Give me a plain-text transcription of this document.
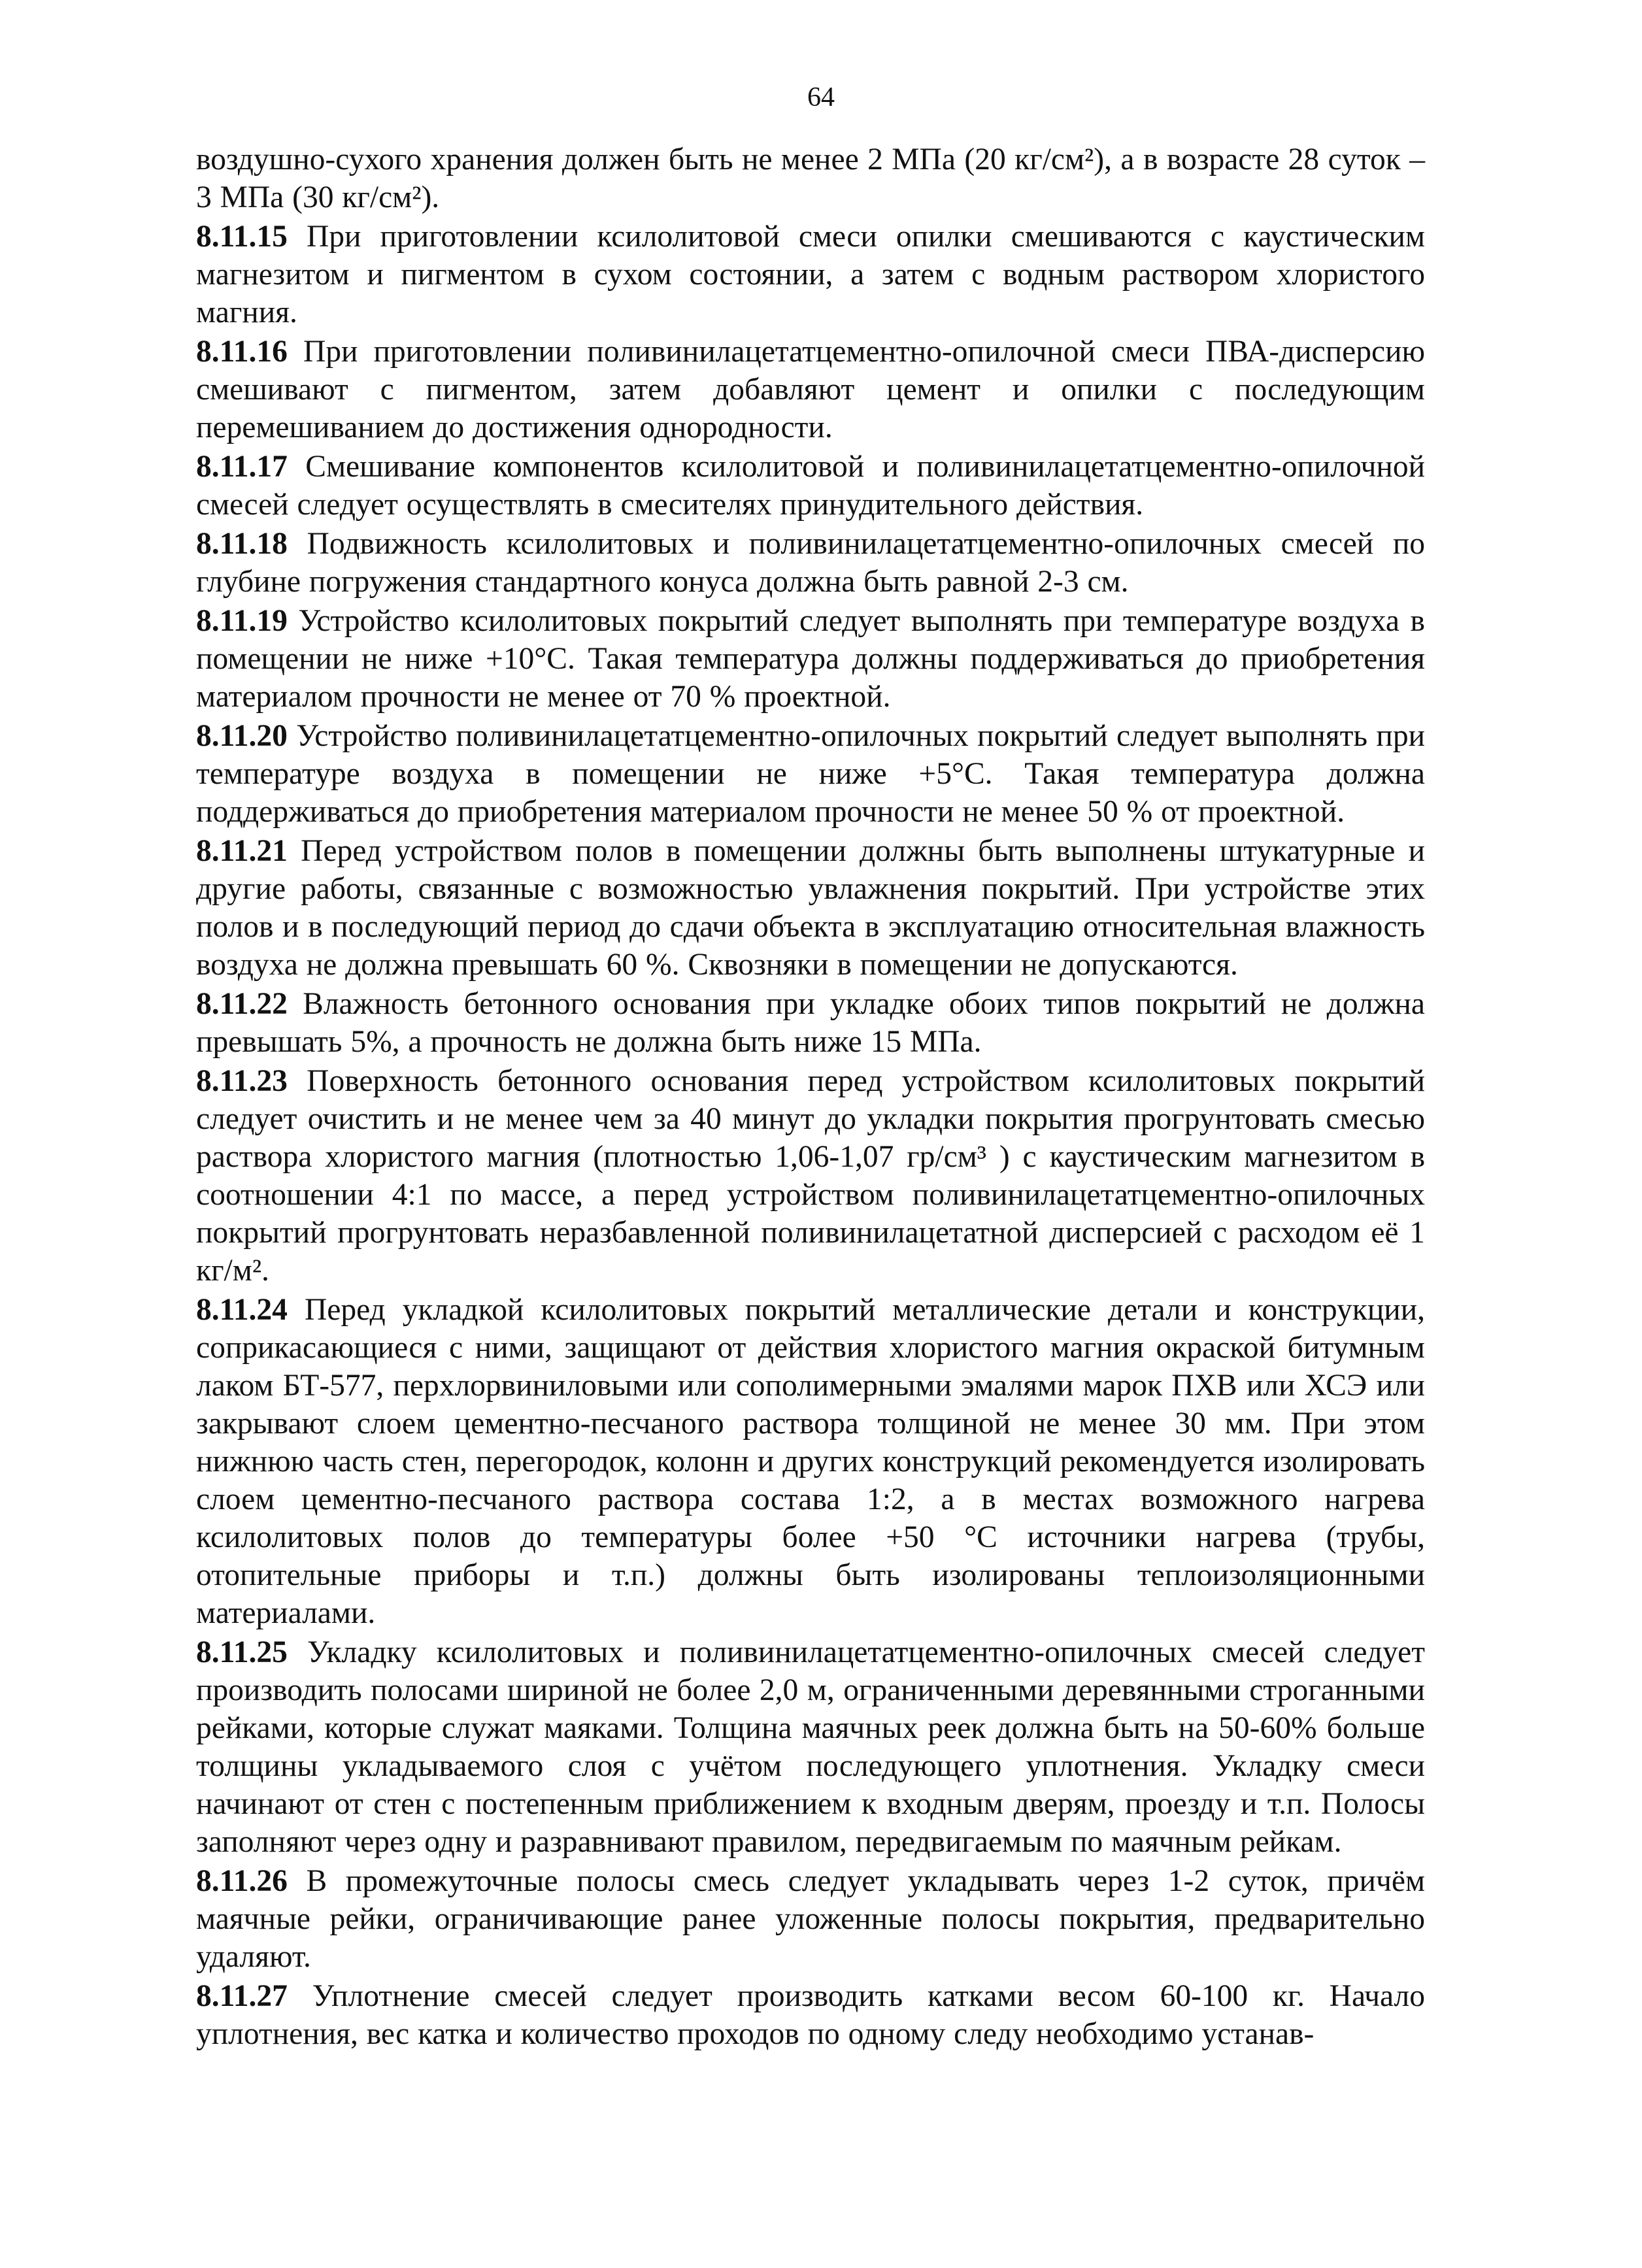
64

воздушно-сухого хранения должен быть не менее 2 МПа (20 кг/см²), а в возрасте 28 суток – 3 МПа (30 кг/см²).

8.11.15 При приготовлении ксилолитовой смеси опилки смешиваются с каустическим магнезитом и пигментом в сухом состоянии, а затем с водным раствором хлористого магния.

8.11.16 При приготовлении поливинилацетатцементно-опилочной смеси ПВА-дисперсию смешивают с пигментом, затем добавляют цемент и опилки с последующим перемешиванием до достижения однородности.

8.11.17 Смешивание компонентов ксилолитовой и поливинилацетатцементно-опилочной смесей следует осуществлять в смесителях принудительного действия.

8.11.18 Подвижность ксилолитовых и поливинилацетатцементно-опилочных смесей по глубине погружения стандартного конуса должна быть равной 2-3 см.

8.11.19 Устройство ксилолитовых покрытий следует выполнять при температуре воздуха в помещении не ниже +10°С. Такая температура должны поддерживаться до приобретения материалом прочности не менее от 70 % проектной.

8.11.20 Устройство поливинилацетатцементно-опилочных покрытий следует выполнять при температуре воздуха в помещении не ниже +5°С. Такая температура должна поддерживаться до приобретения материалом прочности не менее 50 % от проектной.

8.11.21 Перед устройством полов в помещении должны быть выполнены штукатурные и другие работы, связанные с возможностью увлажнения покрытий. При устройстве этих полов и в последующий период до сдачи объекта в эксплуатацию относительная влажность воздуха не должна превышать 60 %. Сквозняки в помещении не допускаются.

8.11.22 Влажность бетонного основания при укладке обоих типов покрытий не должна превышать 5%, а прочность не должна быть ниже 15 МПа.

8.11.23 Поверхность бетонного основания перед устройством ксилолитовых покрытий следует очистить и не менее чем за 40 минут до укладки покрытия прогрунтовать смесью раствора хлористого магния (плотностью 1,06-1,07 гр/см³ ) с каустическим магнезитом в соотношении 4:1 по массе, а перед устройством поливинилацетатцементно-опилочных покрытий прогрунтовать неразбавленной поливинилацетатной дисперсией с расходом её 1 кг/м².

8.11.24 Перед укладкой ксилолитовых покрытий металлические детали и конструкции, соприкасающиеся с ними, защищают от действия хлористого магния окраской битумным лаком БТ-577, перхлорвиниловыми или сополимерными эмалями марок ПХВ или ХСЭ или закрывают слоем цементно-песчаного раствора толщиной не менее 30 мм. При этом нижнюю часть стен, перегородок, колонн и других конструкций рекомендуется изолировать слоем цементно-песчаного раствора состава 1:2, а в местах возможного нагрева ксилолитовых полов до температуры более +50 °С источники нагрева (трубы, отопительные приборы и т.п.) должны быть изолированы теплоизоляционными материалами.

8.11.25 Укладку ксилолитовых и поливинилацетатцементно-опилочных смесей следует производить полосами шириной не более 2,0 м, ограниченными деревянными строганными рейками, которые служат маяками. Толщина маячных реек должна быть на 50-60% больше толщины укладываемого слоя с учётом последующего уплотнения. Укладку смеси начинают от стен с постепенным приближением к входным дверям, проезду и т.п. Полосы заполняют через одну и разравнивают правилом, передвигаемым по маячным рейкам.

8.11.26 В промежуточные полосы смесь следует укладывать через 1-2 суток, причём маячные рейки, ограничивающие ранее уложенные полосы покрытия, предварительно удаляют.

8.11.27 Уплотнение смесей следует производить катками весом 60-100 кг. Начало уплотнения, вес катка и количество проходов по одному следу необходимо устанав-
